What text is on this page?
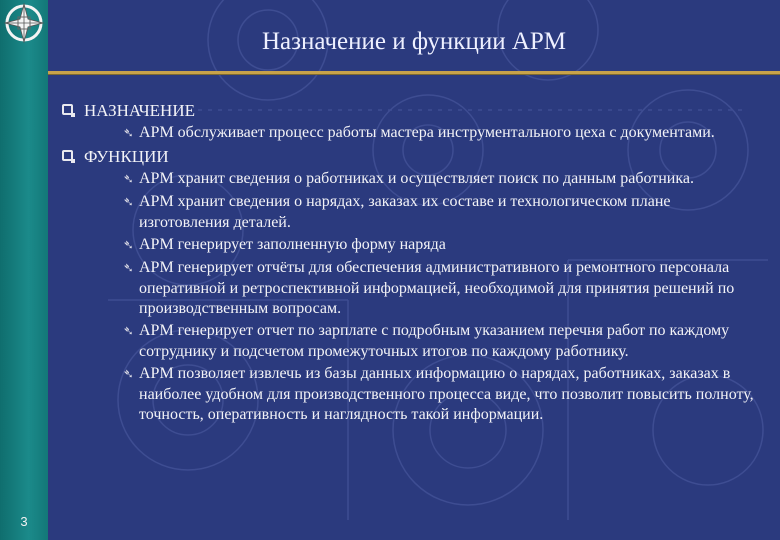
3
Назначение и функции АРМ
НАЗНАЧЕНИЕ
➴ АРМ обслуживает процесс работы мастера инструментального цеха с документами.
ФУНКЦИИ
➴ АРМ хранит сведения о работниках и осуществляет поиск по данным работника.
➴ АРМ хранит сведения о нарядах, заказах их составе и технологическом плане изготовления деталей.
➴ АРМ генерирует заполненную форму наряда
➴ АРМ генерирует отчёты для обеспечения административного и ремонтного персонала оперативной и ретроспективной информацией, необходимой для принятия решений по производственным вопросам.
➴ АРМ генерирует отчет по зарплате с подробным указанием перечня работ по каждому сотруднику и подсчетом промежуточных итогов по каждому работнику.
➴ АРМ позволяет извлечь из базы данных информацию о нарядах, работниках, заказах в наиболее удобном для производственного процесса виде, что позволит повысить полноту, точность, оперативность и наглядность такой информации.
